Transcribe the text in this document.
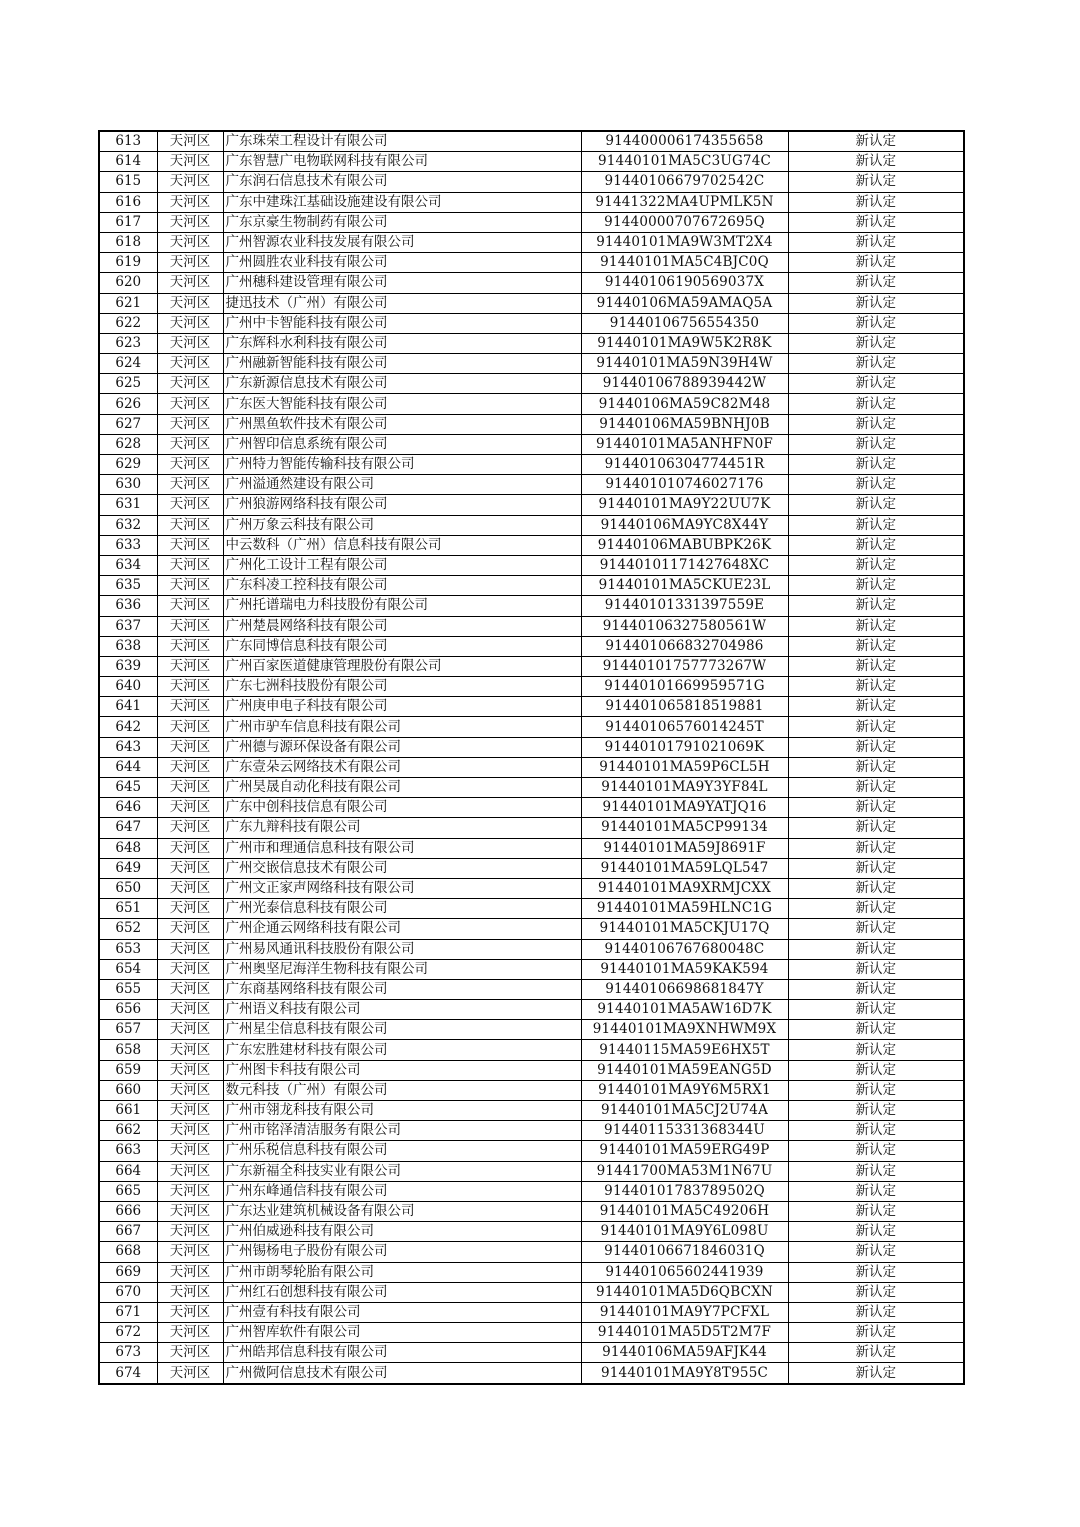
613	天河区	广东珠荣工程设计有限公司	914400006174355658	新认定
614	天河区	广东智慧广电物联网科技有限公司	91440101MA5C3UG74C	新认定
615	天河区	广东润石信息技术有限公司	91440106679702542C	新认定
616	天河区	广东中建珠江基础设施建设有限公司	91441322MA4UPMLK5N	新认定
617	天河区	广东京豪生物制药有限公司	91440000707672695Q	新认定
618	天河区	广州智源农业科技发展有限公司	91440101MA9W3MT2X4	新认定
619	天河区	广州圆胜农业科技有限公司	91440101MA5C4BJC0Q	新认定
620	天河区	广州穗科建设管理有限公司	91440106190569037X	新认定
621	天河区	捷迅技术（广州）有限公司	91440106MA59AMAQ5A	新认定
622	天河区	广州中卡智能科技有限公司	91440106756554350	新认定
623	天河区	广东辉科水利科技有限公司	91440101MA9W5K2R8K	新认定
624	天河区	广州融新智能科技有限公司	91440101MA59N39H4W	新认定
625	天河区	广东新源信息技术有限公司	91440106788939442W	新认定
626	天河区	广东医大智能科技有限公司	91440106MA59C82M48	新认定
627	天河区	广州黑鱼软件技术有限公司	91440106MA59BNHJ0B	新认定
628	天河区	广州智印信息系统有限公司	91440101MA5ANHFN0F	新认定
629	天河区	广州特力智能传输科技有限公司	91440106304774451R	新认定
630	天河区	广州溢通然建设有限公司	91440101074602717​6	新认定
631	天河区	广州狼游网络科技有限公司	91440101MA9Y22UU7K	新认定
632	天河区	广州万象云科技有限公司	91440106MA9YC8X44Y	新认定
633	天河区	中云数科（广州）信息科技有限公司	91440106MABUBPK26K	新认定
634	天河区	广州化工设计工程有限公司	91440101171427648XC	新认定
635	天河区	广东科凌工控科技有限公司	91440101MA5CKUE23L	新认定
636	天河区	广州托谱瑞电力科技股份有限公司	91440101331397559E	新认定
637	天河区	广州楚晨网络科技有限公司	91440106327580561W	新认定
638	天河区	广东同博信息科技有限公司	91440106683270498​6	新认定
639	天河区	广州百家医道健康管理股份有限公司	91440101757773267W	新认定
640	天河区	广东七洲科技股份有限公司	91440101669959571G	新认定
641	天河区	广州庚申电子科技有限公司	91440106581851988​1	新认定
642	天河区	广州市驴车信息科技有限公司	91440106576014245T	新认定
643	天河区	广州德与源环保设备有限公司	91440101791021069K	新认定
644	天河区	广东壹朵云网络技术有限公司	91440101MA59P6CL5H	新认定
645	天河区	广州昊晟自动化科技有限公司	91440101MA9Y3YF84L	新认定
646	天河区	广东中创科技信息有限公司	91440101MA9YATJQ16	新认定
647	天河区	广东九辩科技有限公司	91440101MA5CP99134	新认定
648	天河区	广州市和理通信息科技有限公司	91440101MA59J8691F	新认定
649	天河区	广州交嵌信息技术有限公司	91440101MA59LQL547	新认定
650	天河区	广州文正家声网络科技有限公司	91440101MA9XRMJCXX	新认定
651	天河区	广州光泰信息科技有限公司	91440101MA59HLNC1G	新认定
652	天河区	广州企通云网络科技有限公司	91440101MA5CKJU17Q	新认定
653	天河区	广州易风通讯科技股份有限公司	91440106767680048C	新认定
654	天河区	广州奥坚尼海洋生物科技有限公司	91440101MA59KAK594	新认定
655	天河区	广东商基网络科技有限公司	91440106698681847Y	新认定
656	天河区	广州语义科技有限公司	91440101MA5AW16D7K	新认定
657	天河区	广州星尘信息科技有限公司	91440101MA9XNHWM9X	新认定
658	天河区	广东宏胜建材科技有限公司	91440115MA59E6HX5T	新认定
659	天河区	广州图卡科技有限公司	91440101MA59EANG5D	新认定
660	天河区	数元科技（广州）有限公司	91440101MA9Y6M5RX1	新认定
661	天河区	广州市翎龙科技有限公司	91440101MA5CJ2U74A	新认定
662	天河区	广州市铭泽清洁服务有限公司	91440115331368344U	新认定
663	天河区	广州乐税信息科技有限公司	91440101MA59ERG49P	新认定
664	天河区	广东新福全科技实业有限公司	91441700MA53M1N67U	新认定
665	天河区	广州东峰通信科技有限公司	91440101783789502Q	新认定
666	天河区	广东达业建筑机械设备有限公司	91440101MA5C49206H	新认定
667	天河区	广州伯威逊科技有限公司	91440101MA9Y6L098U	新认定
668	天河区	广州锡杨电子股份有限公司	91440106671846031Q	新认定
669	天河区	广州市朗琴轮胎有限公司	91440106560244193​9	新认定
670	天河区	广州红石创想科技有限公司	91440101MA5D6QBCXN	新认定
671	天河区	广州壹有科技有限公司	91440101MA9Y7PCFXL	新认定
672	天河区	广州智库软件有限公司	91440101MA5D5T2M7F	新认定
673	天河区	广州皓邦信息科技有限公司	91440106MA59AFJK44	新认定
674	天河区	广州微阿信息技术有限公司	91440101MA9Y8T955C	新认定
